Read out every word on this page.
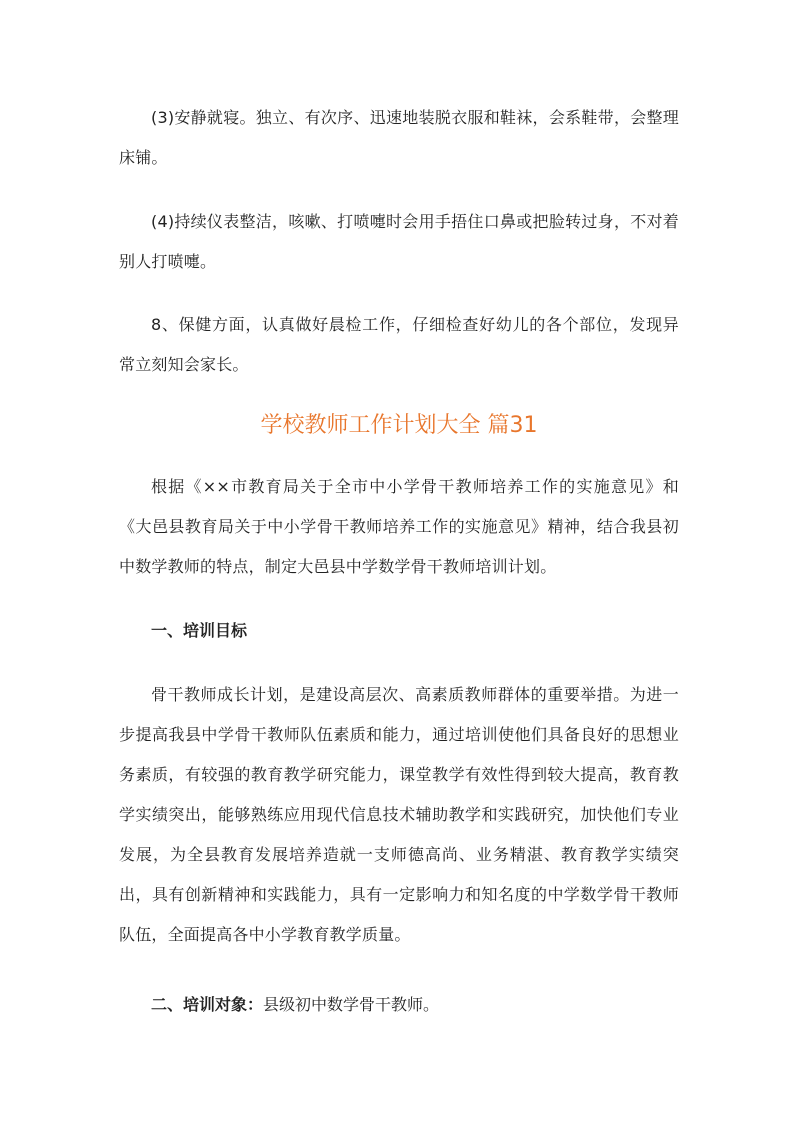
(3)安静就寝。独立、有次序、迅速地装脱衣服和鞋袜，会系鞋带，会整理床铺。

(4)持续仪表整洁，咳嗽、打喷嚏时会用手捂住口鼻或把脸转过身，不对着别人打喷嚏。

8、保健方面，认真做好晨检工作，仔细检查好幼儿的各个部位，发现异常立刻知会家长。

学校教师工作计划大全 篇31

根据《××市教育局关于全市中小学骨干教师培养工作的实施意见》和《大邑县教育局关于中小学骨干教师培养工作的实施意见》精神，结合我县初中数学教师的特点，制定大邑县中学数学骨干教师培训计划。

一、培训目标

骨干教师成长计划，是建设高层次、高素质教师群体的重要举措。为进一步提高我县中学骨干教师队伍素质和能力，通过培训使他们具备良好的思想业务素质，有较强的教育教学研究能力，课堂教学有效性得到较大提高，教育教学实绩突出，能够熟练应用现代信息技术辅助教学和实践研究，加快他们专业发展，为全县教育发展培养造就一支师德高尚、业务精湛、教育教学实绩突出，具有创新精神和实践能力，具有一定影响力和知名度的中学数学骨干教师队伍，全面提高各中小学教育教学质量。

二、培训对象：县级初中数学骨干教师。
